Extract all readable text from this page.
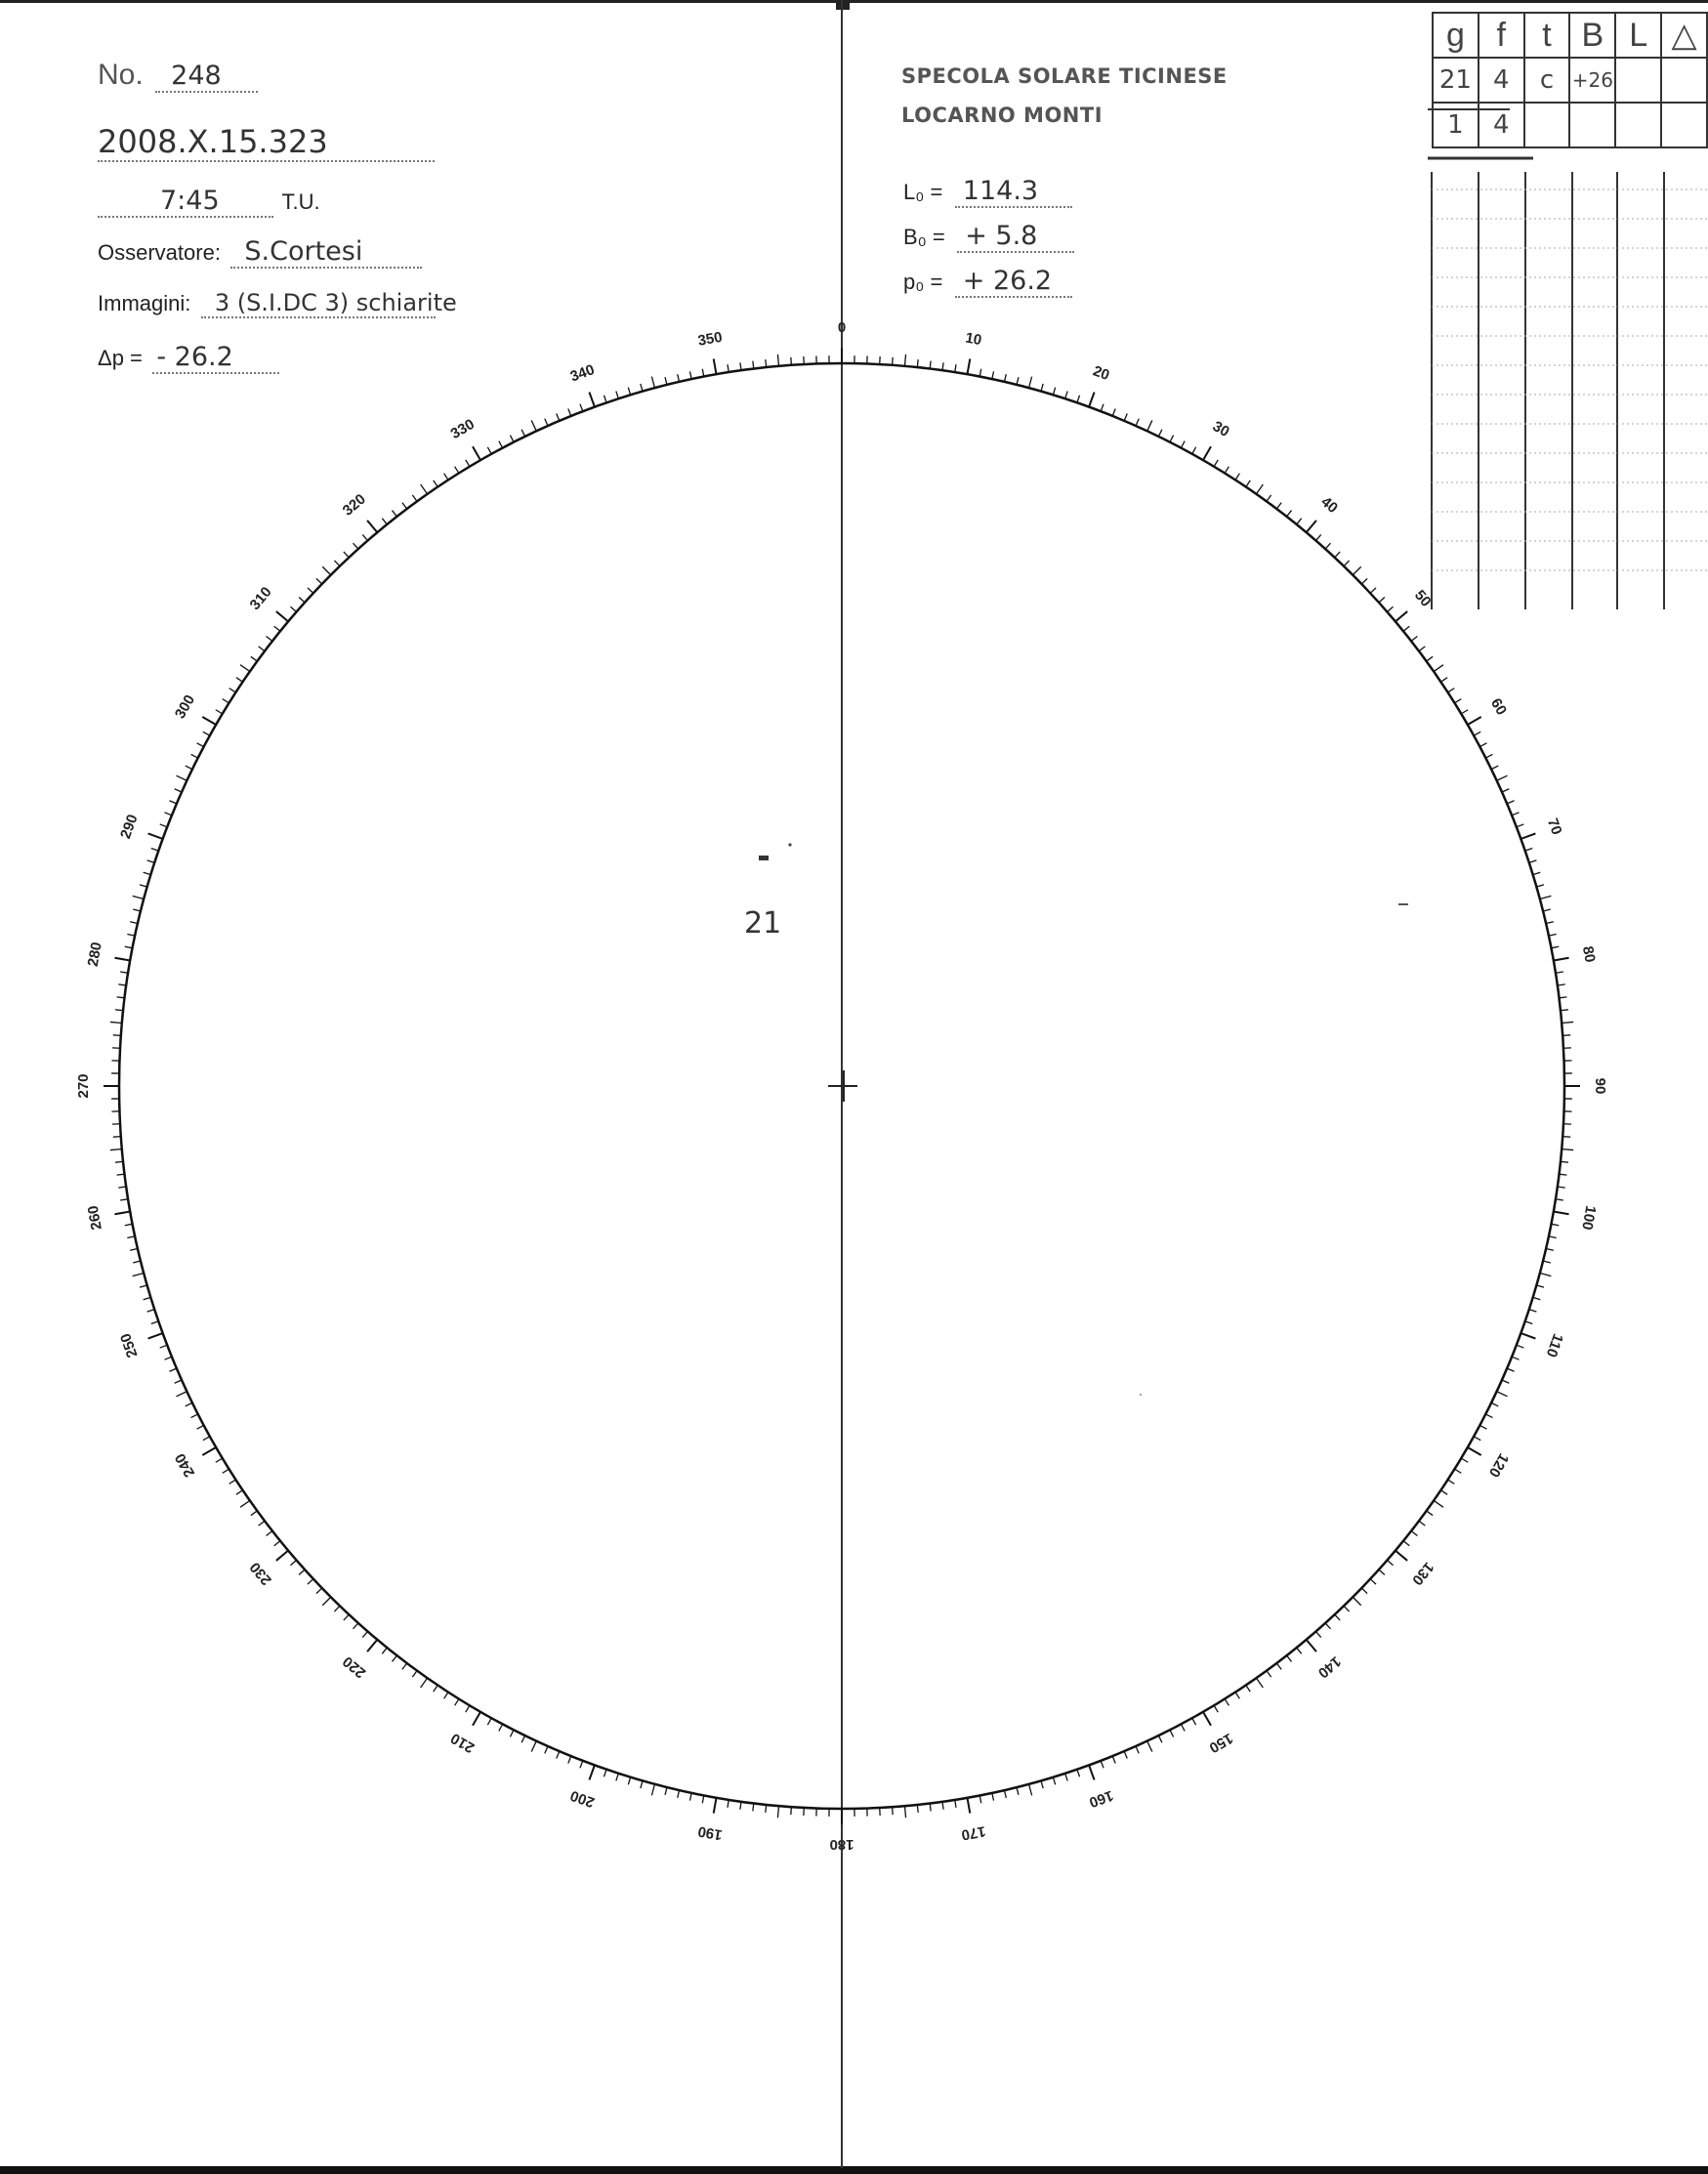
No. 248
2008.X.15.323
7:45	T.U.
Osservatore: S.Cortesi
Immagini: 3 (S.I.DC 3) schiarite
Δp = - 26.2
SPECOLA SOLARE TICINESE
LOCARNO MONTI
L₀ = 114.3
B₀ = + 5.8
p₀ = + 26.2
g	f	t	B	L	△
21	4	c	+26		
1	4				
0
10
20
30
40
50
60
70
80
90
100
110
120
130
140
150
160
170
180
190
200
210
220
230
240
250
260
270
280
290
300
310
320
330
340
350
21
